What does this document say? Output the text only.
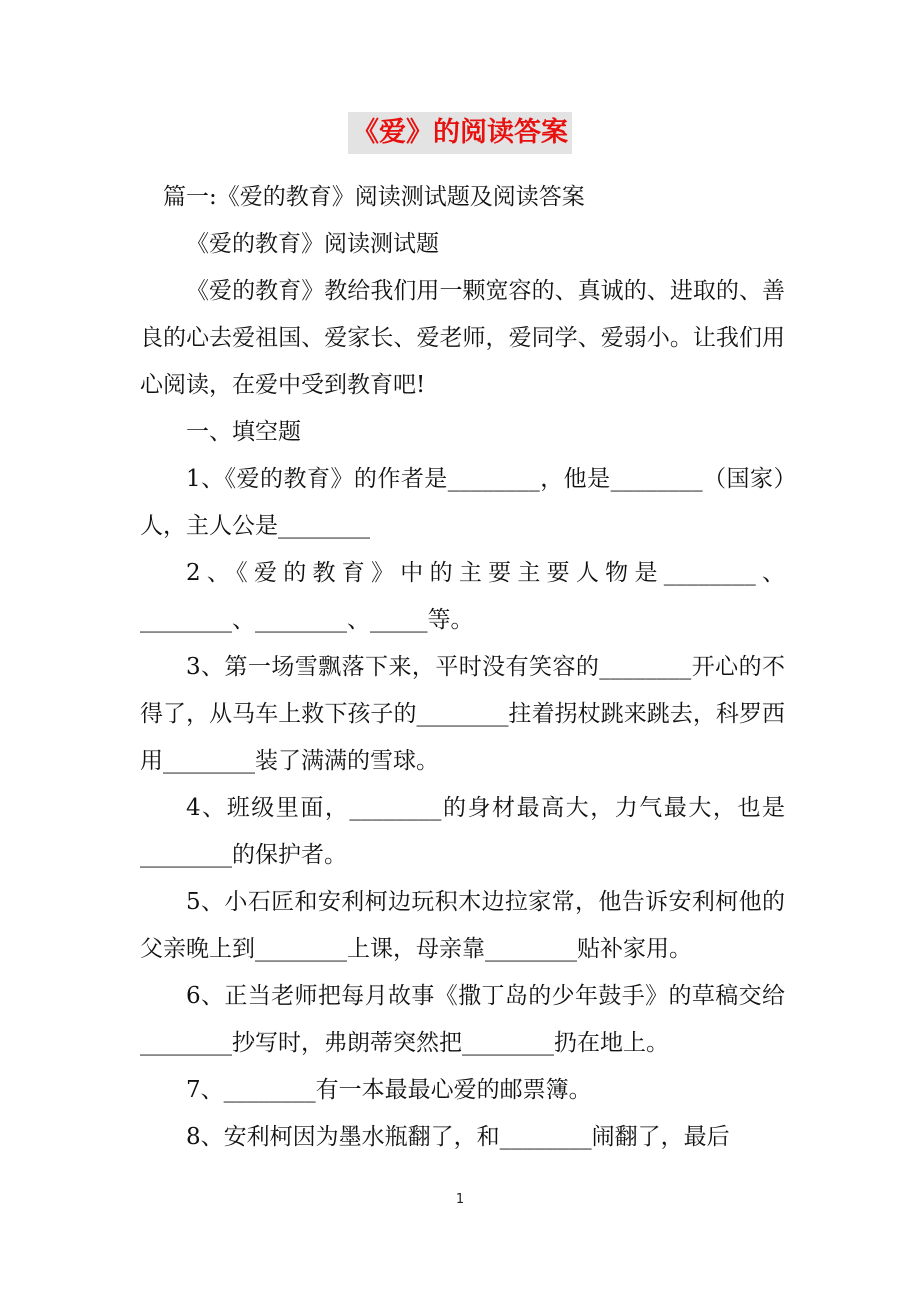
《爱》的阅读答案
篇一:《爱的教育》阅读测试题及阅读答案
《爱的教育》阅读测试题
《爱的教育》教给我们用一颗宽容的、真诚的、进取的、善良的心去爱祖国、爱家长、爱老师，爱同学、爱弱小。让我们用心阅读，在爱中受到教育吧!
一、填空题
1、《爱的教育》的作者是________，他是________（国家）人，主人公是________
2、《爱的教育》中的主要主要人物是________、________、________、_____等。
3、第一场雪飘落下来，平时没有笑容的________开心的不得了，从马车上救下孩子的________拄着拐杖跳来跳去，科罗西用________装了满满的雪球。
4、班级里面，________的身材最高大，力气最大，也是________的保护者。
5、小石匠和安利柯边玩积木边拉家常，他告诉安利柯他的父亲晚上到________上课，母亲靠________贴补家用。
6、正当老师把每月故事《撒丁岛的少年鼓手》的草稿交给________抄写时，弗朗蒂突然把________扔在地上。
7、________有一本最最心爱的邮票簿。
8、安利柯因为墨水瓶翻了，和________闹翻了，最后
1
